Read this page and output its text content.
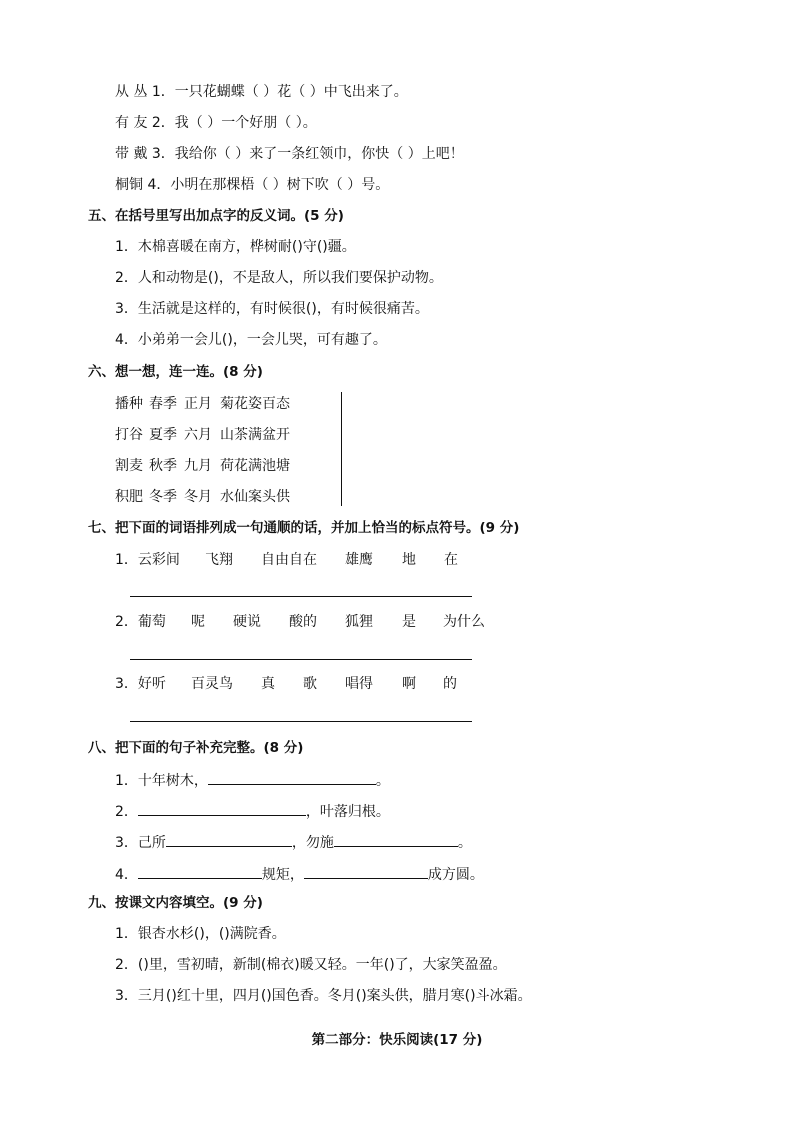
从 丛 1．一只花蝴蝶（ ）花（ ）中飞出来了。
有 友 2．我（ ）一个好朋（ ）。
带 戴 3．我给你（ ）来了一条红领巾，你快（ ）上吧！
桐铜 4．小明在那棵梧（ ）树下吹（ ）号。
五、在括号里写出加点字的反义词。(5 分)
1．木棉喜暖在南方，桦树耐()守()疆。
2．人和动物是()，不是敌人，所以我们要保护动物。
3．生活就是这样的，有时候很()，有时候很痛苦。
4．小弟弟一会儿()，一会儿哭，可有趣了。
六、想一想，连一连。(8 分)
播种 春季 正月 菊花姿百态
打谷 夏季 六月 山茶满盆开
割麦 秋季 九月 荷花满池塘
积肥 冬季 冬月 水仙案头供
七、把下面的词语排列成一句通顺的话，并加上恰当的标点符号。(9 分)
1．云彩间 飞翔 自由自在 雄鹰 地 在
2．葡萄 呢 硬说 酸的 狐狸 是 为什么
3．好听 百灵鸟 真 歌 唱得 啊 的
八、把下面的句子补充完整。(8 分)
1．十年树木，	。
2．	，叶落归根。
3．己所	，勿施	。
4．	规矩，	成方圆。
九、按课文内容填空。(9 分)
1．银杏水杉()，()满院香。
2．()里，雪初晴，新制(棉衣)暖又轻。一年()了，大家笑盈盈。
3．三月()红十里，四月()国色香。冬月()案头供，腊月寒()斗冰霜。
第二部分：快乐阅读(17 分)
